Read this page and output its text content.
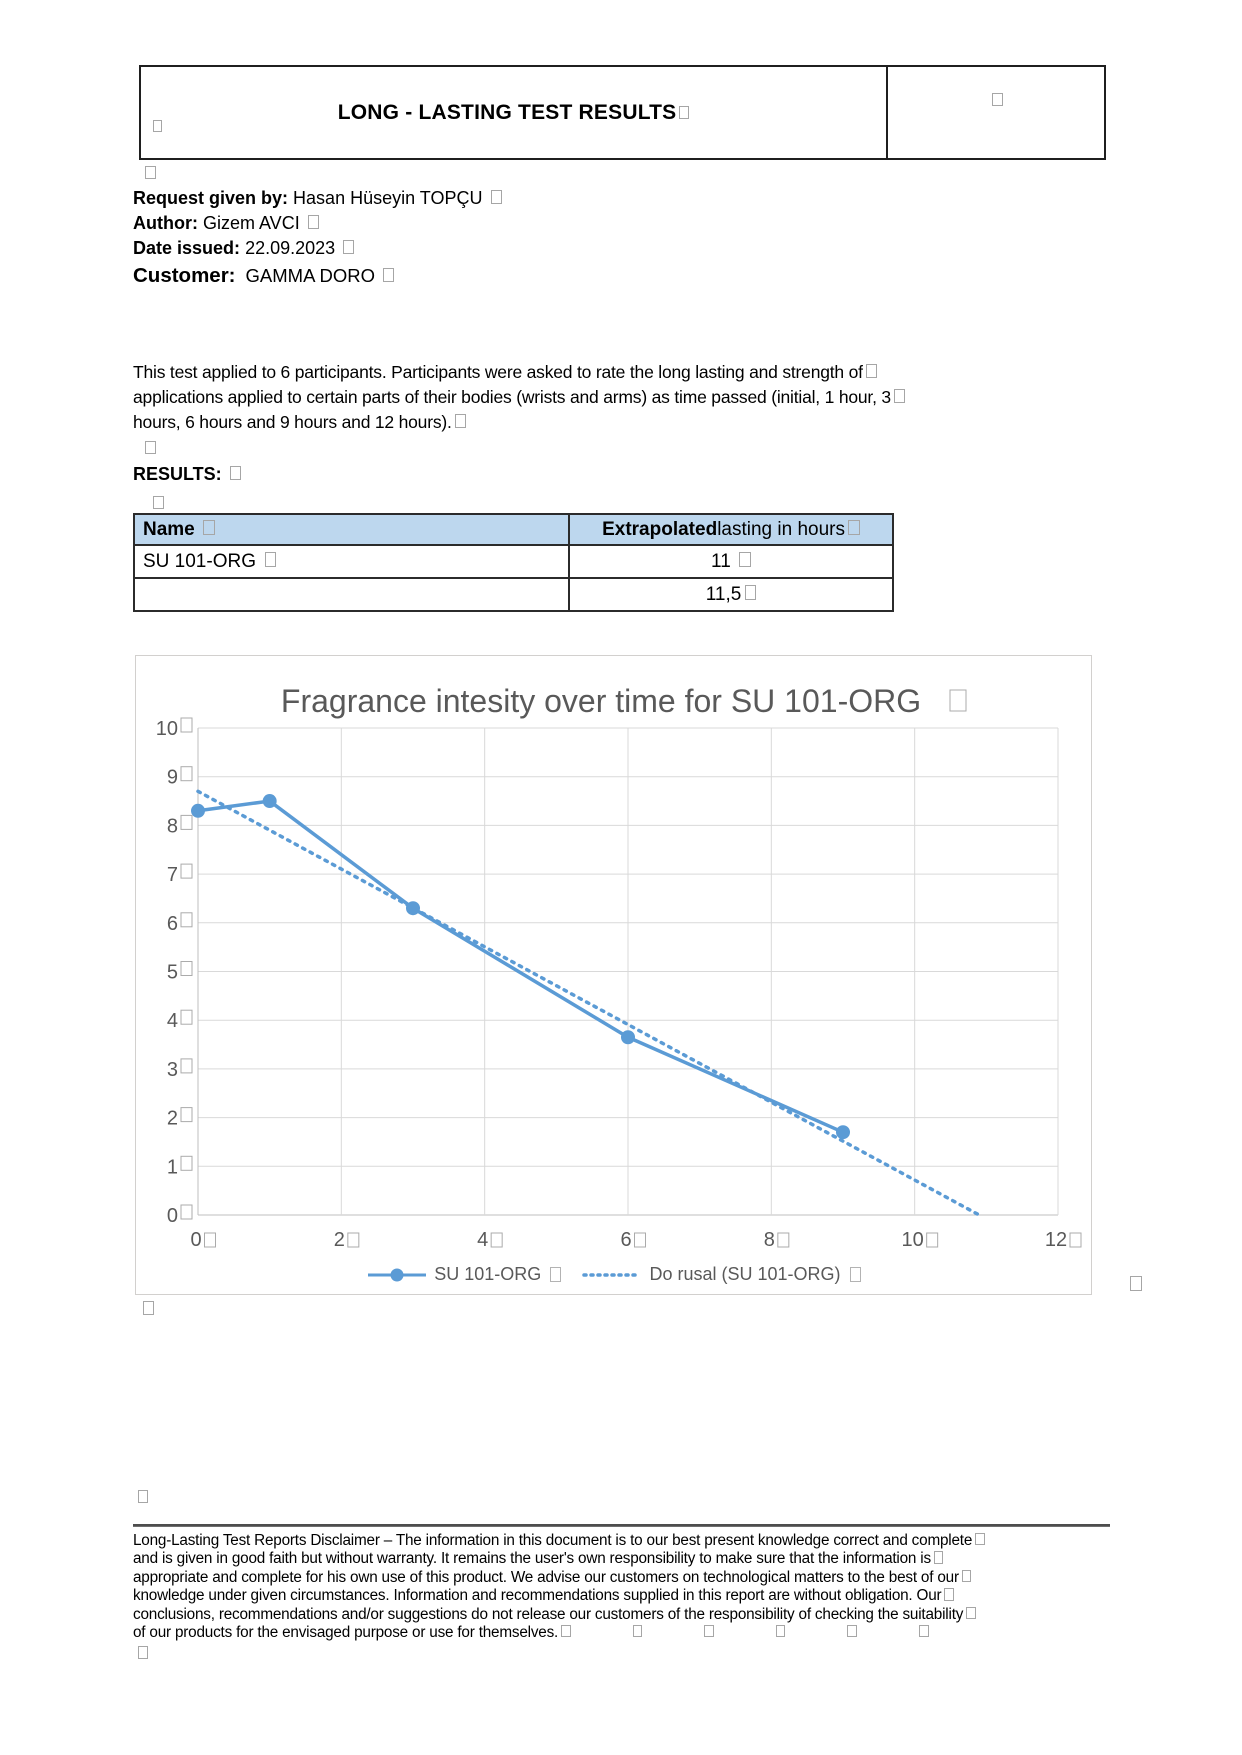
LONG - LASTING TEST RESULTS
Request given by: Hasan Hüseyin TOPÇU
Author: Gizem AVCI
Date issued: 22.09.2023
Customer: GAMMA DORO
This test applied to 6 participants. Participants were asked to rate the long lasting and strength of
applications applied to certain parts of their bodies (wrists and arms) as time passed (initial, 1 hour, 3
hours, 6 hours and 9 hours and 12 hours).
RESULTS:
Name	Extrapolatedlasting in hours
SU 101-ORG	11
	11,5
Fragrance intesity over time for SU 101-ORG
0
1
2
3
4
5
6
7
8
9
10
0	2	4	6	8	10	12
SU 101-ORG	Do rusal (SU 101-ORG)
Long-Lasting Test Reports Disclaimer – The information in this document is to our best present knowledge correct and complete
and is given in good faith but without warranty. It remains the user's own responsibility to make sure that the information is
appropriate and complete for his own use of this product. We advise our customers on technological matters to the best of our
knowledge under given circumstances. Information and recommendations supplied in this report are without obligation. Our
conclusions, recommendations and/or suggestions do not release our customers of the responsibility of checking the suitability
of our products for the envisaged purpose or use for themselves.
